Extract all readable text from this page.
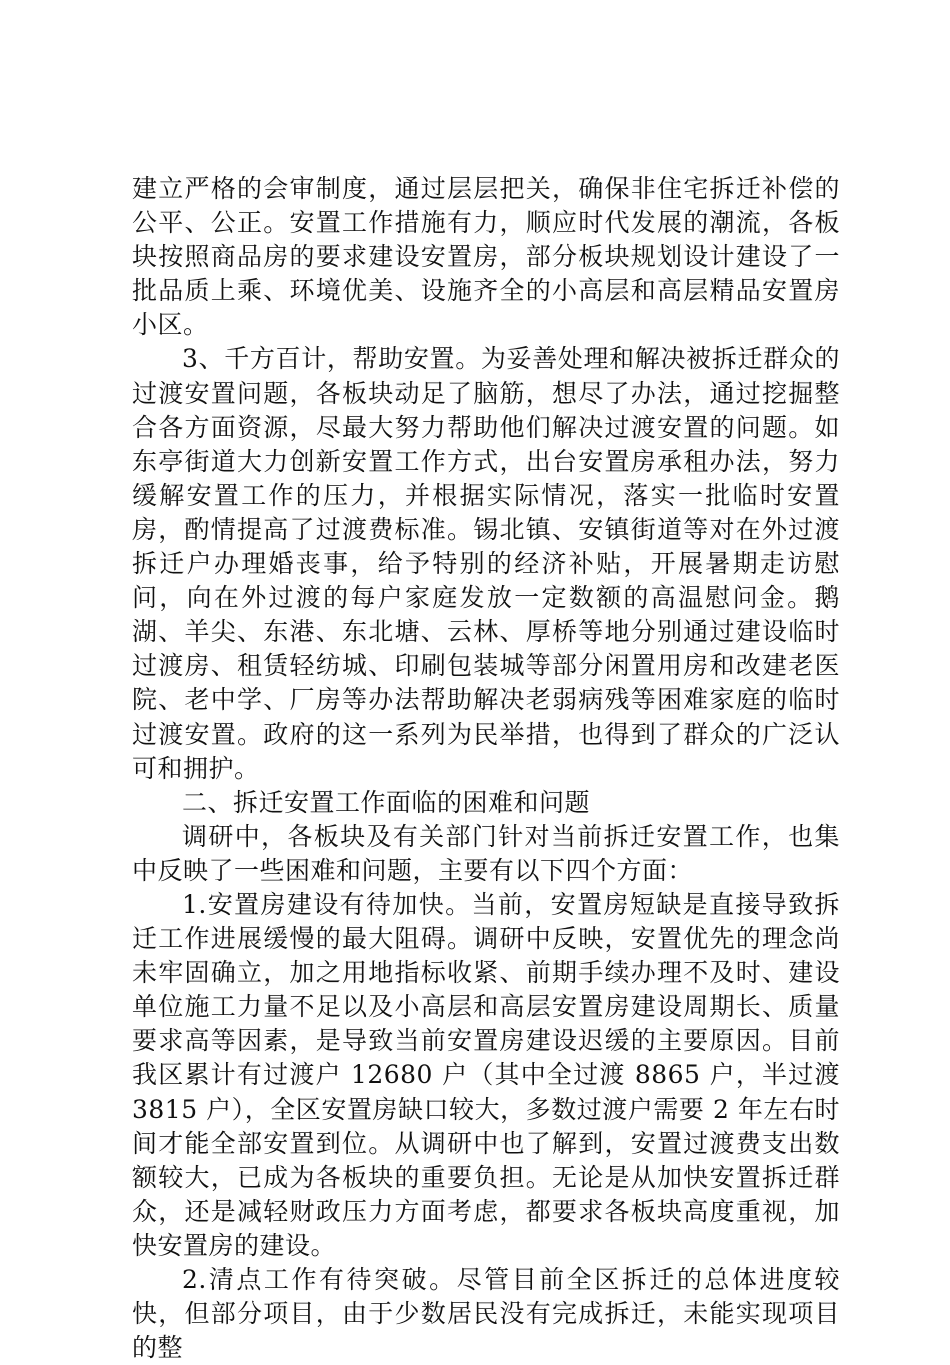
建立严格的会审制度，通过层层把关，确保非住宅拆迁补偿的公平、公正。安置工作措施有力，顺应时代发展的潮流，各板块按照商品房的要求建设安置房，部分板块规划设计建设了一批品质上乘、环境优美、设施齐全的小高层和高层精品安置房小区。

3、千方百计，帮助安置。为妥善处理和解决被拆迁群众的过渡安置问题，各板块动足了脑筋，想尽了办法，通过挖掘整合各方面资源，尽最大努力帮助他们解决过渡安置的问题。如东亭街道大力创新安置工作方式，出台安置房承租办法，努力缓解安置工作的压力，并根据实际情况，落实一批临时安置房，酌情提高了过渡费标准。锡北镇、安镇街道等对在外过渡拆迁户办理婚丧事，给予特别的经济补贴，开展暑期走访慰问，向在外过渡的每户家庭发放一定数额的高温慰问金。鹅湖、羊尖、东港、东北塘、云林、厚桥等地分别通过建设临时过渡房、租赁轻纺城、印刷包装城等部分闲置用房和改建老医院、老中学、厂房等办法帮助解决老弱病残等困难家庭的临时过渡安置。政府的这一系列为民举措，也得到了群众的广泛认可和拥护。

二、拆迁安置工作面临的困难和问题

调研中，各板块及有关部门针对当前拆迁安置工作，也集中反映了一些困难和问题，主要有以下四个方面：

1.安置房建设有待加快。当前，安置房短缺是直接导致拆迁工作进展缓慢的最大阻碍。调研中反映，安置优先的理念尚未牢固确立，加之用地指标收紧、前期手续办理不及时、建设单位施工力量不足以及小高层和高层安置房建设周期长、质量要求高等因素，是导致当前安置房建设迟缓的主要原因。目前我区累计有过渡户 12680 户（其中全过渡 8865 户，半过渡 3815 户），全区安置房缺口较大，多数过渡户需要 2 年左右时间才能全部安置到位。从调研中也了解到，安置过渡费支出数额较大，已成为各板块的重要负担。无论是从加快安置拆迁群众，还是减轻财政压力方面考虑，都要求各板块高度重视，加快安置房的建设。

2.清点工作有待突破。尽管目前全区拆迁的总体进度较快，但部分项目，由于少数居民没有完成拆迁，未能实现项目的整
